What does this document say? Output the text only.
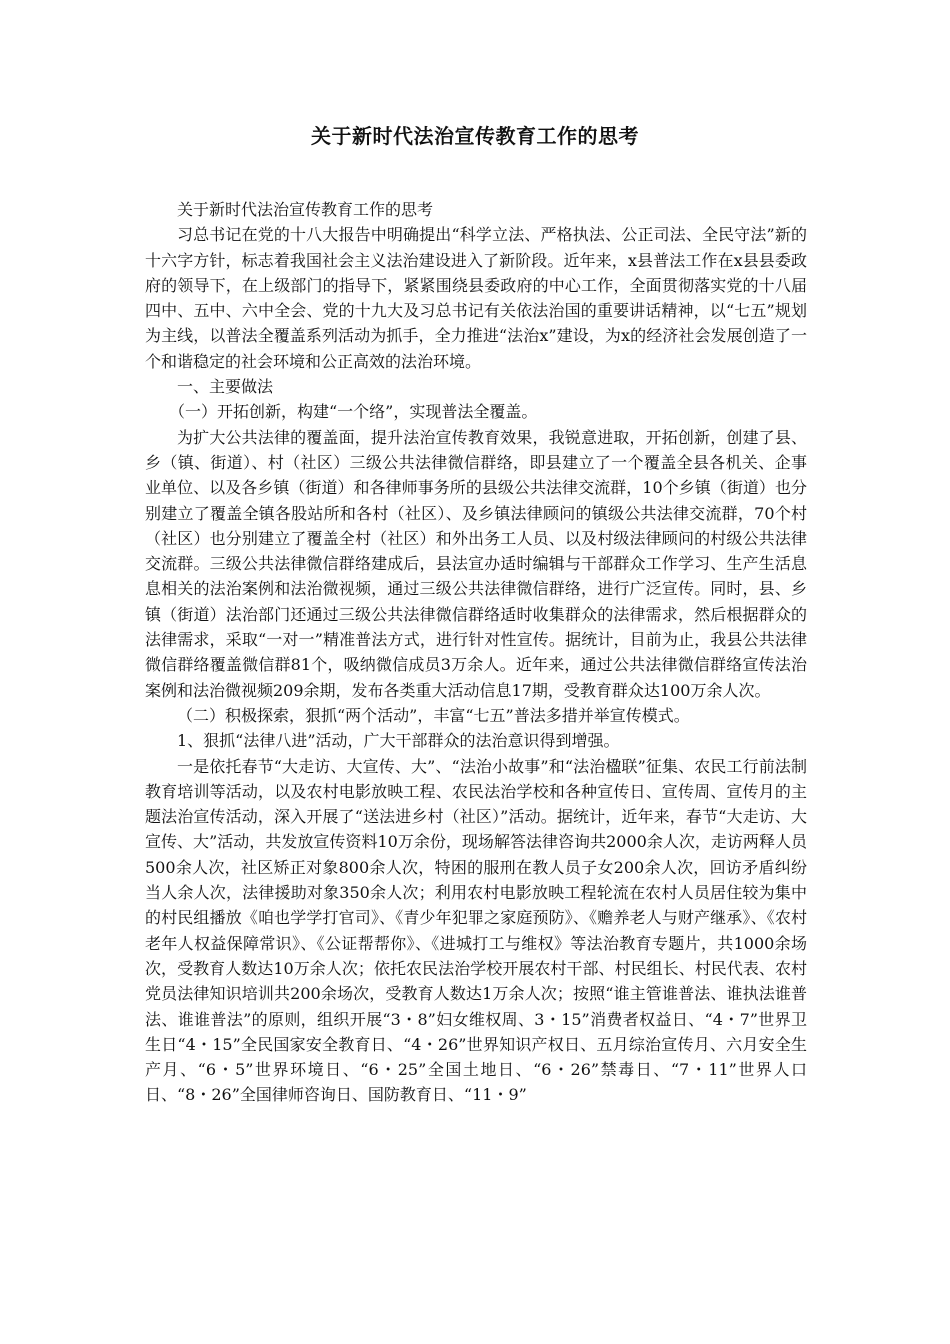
关于新时代法治宣传教育工作的思考

关于新时代法治宣传教育工作的思考

习总书记在党的十八大报告中明确提出“科学立法、严格执法、公正司法、全民守法”新的十六字方针，标志着我国社会主义法治建设进入了新阶段。近年来，x县普法工作在x县县委政府的领导下，在上级部门的指导下，紧紧围绕县委政府的中心工作，全面贯彻落实党的十八届四中、五中、六中全会、党的十九大及习总书记有关依法治国的重要讲话精神，以“七五”规划为主线，以普法全覆盖系列活动为抓手，全力推进“法治x”建设，为x的经济社会发展创造了一个和谐稳定的社会环境和公正高效的法治环境。

一、主要做法

（一）开拓创新，构建“一个络”，实现普法全覆盖。

为扩大公共法律的覆盖面，提升法治宣传教育效果，我锐意进取，开拓创新，创建了县、乡（镇、街道）、村（社区）三级公共法律微信群络，即县建立了一个覆盖全县各机关、企事业单位、以及各乡镇（街道）和各律师事务所的县级公共法律交流群，10个乡镇（街道）也分别建立了覆盖全镇各股站所和各村（社区）、及乡镇法律顾问的镇级公共法律交流群，70个村（社区）也分别建立了覆盖全村（社区）和外出务工人员、以及村级法律顾问的村级公共法律交流群。三级公共法律微信群络建成后，县法宣办适时编辑与干部群众工作学习、生产生活息息相关的法治案例和法治微视频，通过三级公共法律微信群络，进行广泛宣传。同时，县、乡镇（街道）法治部门还通过三级公共法律微信群络适时收集群众的法律需求，然后根据群众的法律需求，采取“一对一”精准普法方式，进行针对性宣传。据统计，目前为止，我县公共法律微信群络覆盖微信群81个，吸纳微信成员3万余人。近年来，通过公共法律微信群络宣传法治案例和法治微视频209余期，发布各类重大活动信息17期，受教育群众达100万余人次。

（二）积极探索，狠抓“两个活动”，丰富“七五”普法多措并举宣传模式。

1、狠抓“法律八进”活动，广大干部群众的法治意识得到增强。

一是依托春节“大走访、大宣传、大”、“法治小故事”和“法治楹联”征集、农民工行前法制教育培训等活动，以及农村电影放映工程、农民法治学校和各种宣传日、宣传周、宣传月的主题法治宣传活动，深入开展了“送法进乡村（社区）”活动。据统计，近年来，春节“大走访、大宣传、大”活动，共发放宣传资料10万余份，现场解答法律咨询共2000余人次，走访两释人员500余人次，社区矫正对象800余人次，特困的服刑在教人员子女200余人次，回访矛盾纠纷当人余人次，法律援助对象350余人次；利用农村电影放映工程轮流在农村人员居住较为集中的村民组播放《咱也学学打官司》、《青少年犯罪之家庭预防》、《赡养老人与财产继承》、《农村老年人权益保障常识》、《公证帮帮你》、《进城打工与维权》等法治教育专题片，共1000余场次，受教育人数达10万余人次；依托农民法治学校开展农村干部、村民组长、村民代表、农村党员法律知识培训共200余场次，受教育人数达1万余人次；按照“谁主管谁普法、谁执法谁普法、谁谁普法”的原则，组织开展“3・8”妇女维权周、3・15”消费者权益日、“4・7”世界卫生日“4・15”全民国家安全教育日、“4・26”世界知识产权日、五月综治宣传月、六月安全生产月、“6・5”世界环境日、“6・25”全国土地日、“6・26”禁毒日、“7・11”世界人口日、“8・26”全国律师咨询日、国防教育日、“11・9”
